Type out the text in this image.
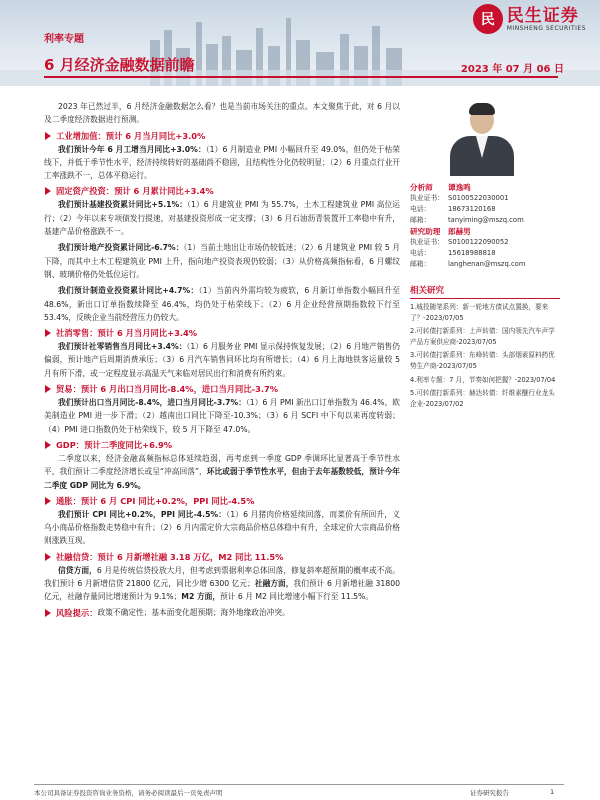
民 民生证券
MINSHENG SECURITIES
利率专题
6 月经济金融数据前瞻	2023 年 07 月 06 日

2023 年已然过半，6 月经济金融数据怎么看？也是当前市场关注的重点。本文聚焦于此，对 6 月以及二季度经济数据进行预测。

工业增加值：预计 6 月当月同比+3.0%

我们预计今年 6 月工增当月同比+3.0%：（1）6 月制造业 PMI 小幅回升至 49.0%，但仍处于枯荣线下，并低于季节性水平，经济持续转好的基础尚不稳固，且结构性分化仍较明显；（2）6 月重点行业开工率涨跌不一，总体平稳运行。

固定资产投资：预计 6 月累计同比+3.4%

我们预计基建投资累计同比+5.1%：（1）6 月建筑业 PMI 为 55.7%，土木工程建筑业 PMI 高位运行；（2）今年以来专项债发行提速，对基建投资形成一定支撑；（3）6 月石油沥青装置开工率稳中有升，基建产品价格涨跌不一。

我们预计地产投资累计同比-6.7%：（1）当前土地出让市场仍较低迷；（2）6 月建筑业 PMI 较 5 月下降，而其中土木工程建筑业 PMI 上升，指向地产投资表现仍较弱；（3）从价格高频指标看，6 月螺纹钢、玻璃价格仍处低位运行。

我们预计制造业投资累计同比+4.7%：（1）当前内外需均较为疲软，6 月新订单指数小幅回升至 48.6%，新出口订单指数续降至 46.4%，均仍处于枯荣线下；（2）6 月企业经营预期指数较下行至 53.4%，反映企业当前经营压力仍较大。

社消零售：预计 6 月当月同比+3.4%

我们预计社零销售当月同比+3.4%：（1）6 月服务业 PMI 显示保持恢复发展；（2）6 月地产销售仍偏弱，预计地产后周期消费承压；（3）6 月汽车销售同环比均有所增长；（4）6 月上海地铁客运量较 5 月有所下滑，或一定程度显示高温天气来临对居民出行和消费有所约束。

贸易：预计 6 月出口当月同比-8.4%，进口当月同比-3.7%

我们预计出口当月同比-8.4%，进口当月同比-3.7%：（1）6 月 PMI 新出口订单指数为 46.4%，欧美制造业 PMI 进一步下滑；（2）越南出口同比下降至-10.3%；（3）6 月 SCFI 中下旬以来再度转弱；（4）PMI 进口指数仍处于枯荣线下，较 5 月下降至 47.0%。

GDP：预计二季度同比+6.9%

二季度以来，经济金融高频指标总体延续趋弱，再考虑到一季度 GDP 季调环比显著高于季节性水平，我们预计二季度经济增长或呈“冲高回落”，环比或弱于季节性水平，但由于去年基数较低，预计今年二季度 GDP 同比为 6.9%。

通胀：预计 6 月 CPI 同比+0.2%，PPI 同比-4.5%

我们预计 CPI 同比+0.2%，PPI 同比-4.5%：（1）6 月猪肉价格延续回落，而菜价有所回升，义乌小商品价格指数走势稳中有升；（2）6 月内需定价大宗商品价格总体稳中有升，全球定价大宗商品价格则涨跌互现。

社融信贷：预计 6 月新增社融 3.18 万亿，M2 同比 11.5%

信贷方面，6 月是传统信贷投放大月，但考虑到票据利率总体回落，修复斜率超预期的概率或不高。我们预计 6 月新增信贷 21800 亿元，同比少增 6300 亿元；社融方面，我们预计 6 月新增社融 31800 亿元，社融存量同比增速预计为 9.1%；M2 方面，预计 6 月 M2 同比增速小幅下行至 11.5%。

风险提示： 政策不确定性；基本面变化超预期；海外地缘政治冲突。
分析师	谭逸鸣
执业证书： S0100522030001
电话：	18673120168
邮箱：	tanyiming@mszq.com
研究助理	郎赫男
执业证书： S0100122090052
电话：	15618988818
邮箱：	langhenan@mszq.com
相关研究
1.城投随笔系列：新一轮地方债试点置换，要来了？-2023/07/05
2.可转债打新系列：上声转债：国内领先汽车声学产品方案供应商-2023/07/05
3.可转债打新系列：东峰转债：头部烟素原料药优势生产商-2023/07/05
4.利率专题：7 月，节奏如何把握？-2023/07/04
5.可转债打新系列：赫达转债：纤维素醚行业龙头企业-2023/07/02
本公司具备证券投资咨询业务资格，请务必阅读最后一页免责声明	证券研究报告	1
